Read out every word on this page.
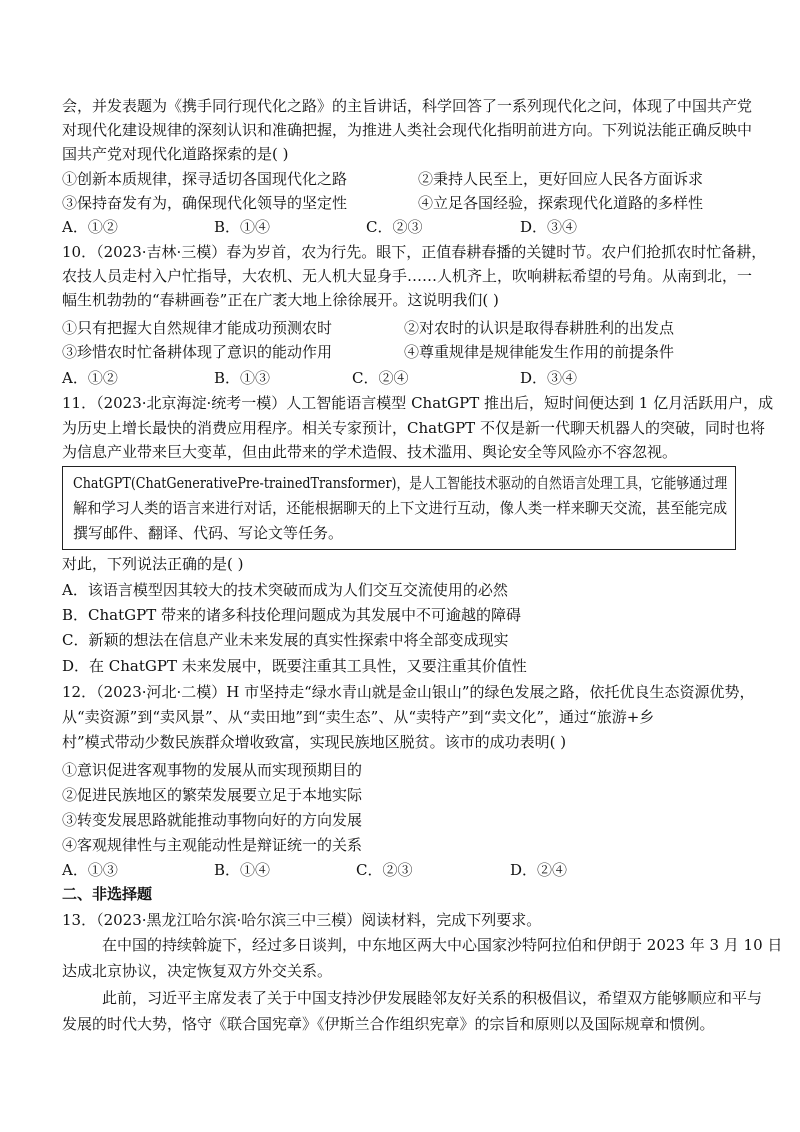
会，并发表题为《携手同行现代化之路》的主旨讲话，科学回答了一系列现代化之问，体现了中国共产党
对现代化建设规律的深刻认识和准确把握，为推进人类社会现代化指明前进方向。下列说法能正确反映中
国共产党对现代化道路探索的是( )
①创新本质规律，探寻适切各国现代化之路	②秉持人民至上，更好回应人民各方面诉求
③保持奋发有为，确保现代化领导的坚定性	④立足各国经验，探索现代化道路的多样性
A．①②	B．①④	C．②③	D．③④
10．（2023·吉林·三模）春为岁首，农为行先。眼下，正值春耕春播的关键时节。农户们抢抓农时忙备耕，
农技人员走村入户忙指导，大农机、无人机大显身手……人机齐上，吹响耕耘希望的号角。从南到北，一
幅生机勃勃的“春耕画卷”正在广袤大地上徐徐展开。这说明我们( )
①只有把握大自然规律才能成功预测农时	②对农时的认识是取得春耕胜利的出发点
③珍惜农时忙备耕体现了意识的能动作用	④尊重规律是规律能发生作用的前提条件
A．①②	B．①③	C．②④	D．③④
11．（2023·北京海淀·统考一模）人工智能语言模型 ChatGPT 推出后，短时间便达到 1 亿月活跃用户，成
为历史上增长最快的消费应用程序。相关专家预计，ChatGPT 不仅是新一代聊天机器人的突破，同时也将
为信息产业带来巨大变革，但由此带来的学术造假、技术滥用、舆论安全等风险亦不容忽视。
ChatGPT(ChatGenerativePre-trainedTransformer)，是人工智能技术驱动的自然语言处理工具，它能够通过理
解和学习人类的语言来进行对话，还能根据聊天的上下文进行互动，像人类一样来聊天交流，甚至能完成
撰写邮件、翻译、代码、写论文等任务。
对此，下列说法正确的是( )
A．该语言模型因其较大的技术突破而成为人们交互交流使用的必然
B．ChatGPT 带来的诸多科技伦理问题成为其发展中不可逾越的障碍
C．新颖的想法在信息产业未来发展的真实性探索中将全部变成现实
D．在 ChatGPT 未来发展中，既要注重其工具性，又要注重其价值性
12．（2023·河北·二模）H 市坚持走“绿水青山就是金山银山”的绿色发展之路，依托优良生态资源优势，
从“卖资源”到“卖风景”、从“卖田地”到“卖生态”、从“卖特产”到“卖文化”，通过“旅游+乡
村”模式带动少数民族群众增收致富，实现民族地区脱贫。该市的成功表明( )
①意识促进客观事物的发展从而实现预期目的
②促进民族地区的繁荣发展要立足于本地实际
③转变发展思路就能推动事物向好的方向发展
④客观规律性与主观能动性是辩证统一的关系
A．①③	B．①④	C．②③	D．②④
二、非选择题
13．（2023·黑龙江哈尔滨·哈尔滨三中三模）阅读材料，完成下列要求。
在中国的持续斡旋下，经过多日谈判，中东地区两大中心国家沙特阿拉伯和伊朗于 2023 年 3 月 10 日
达成北京协议，决定恢复双方外交关系。
此前，习近平主席发表了关于中国支持沙伊发展睦邻友好关系的积极倡议，希望双方能够顺应和平与
发展的时代大势，恪守《联合国宪章》《伊斯兰合作组织宪章》的宗旨和原则以及国际规章和惯例。
